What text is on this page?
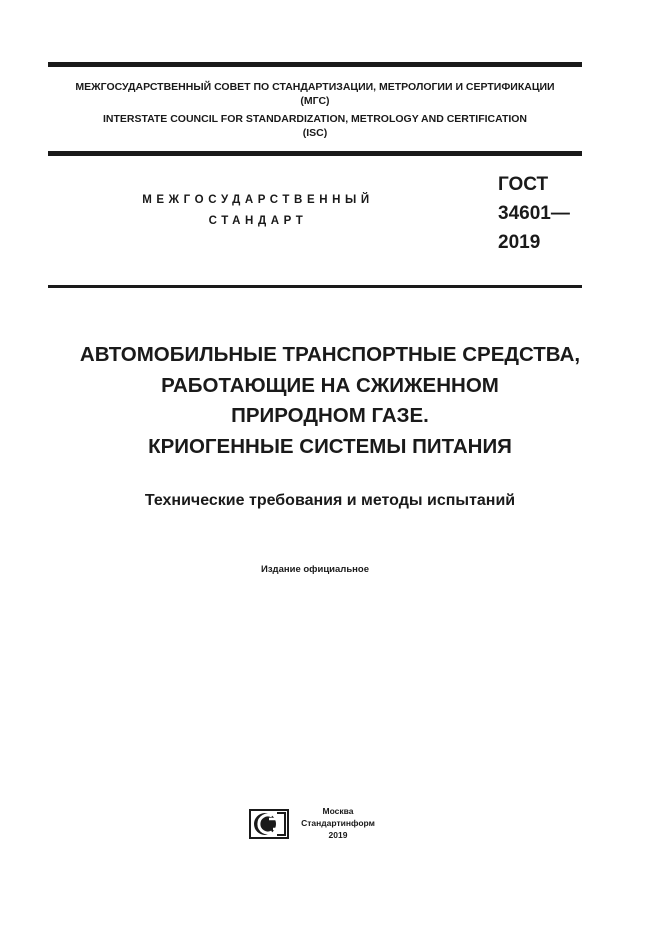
МЕЖГОСУДАРСТВЕННЫЙ СОВЕТ ПО СТАНДАРТИЗАЦИИ, МЕТРОЛОГИИ И СЕРТИФИКАЦИИ
(МГС)
INTERSTATE COUNCIL FOR STANDARDIZATION, METROLOGY AND CERTIFICATION
(ISC)
МЕЖГОСУДАРСТВЕННЫЙ
СТАНДАРТ
ГОСТ
34601—
2019
АВТОМОБИЛЬНЫЕ ТРАНСПОРТНЫЕ СРЕДСТВА,
РАБОТАЮЩИЕ НА СЖИЖЕННОМ
ПРИРОДНОМ ГАЗЕ.
КРИОГЕННЫЕ СИСТЕМЫ ПИТАНИЯ
Технические требования и методы испытаний
Издание официальное
Москва
Стандартинформ
2019
